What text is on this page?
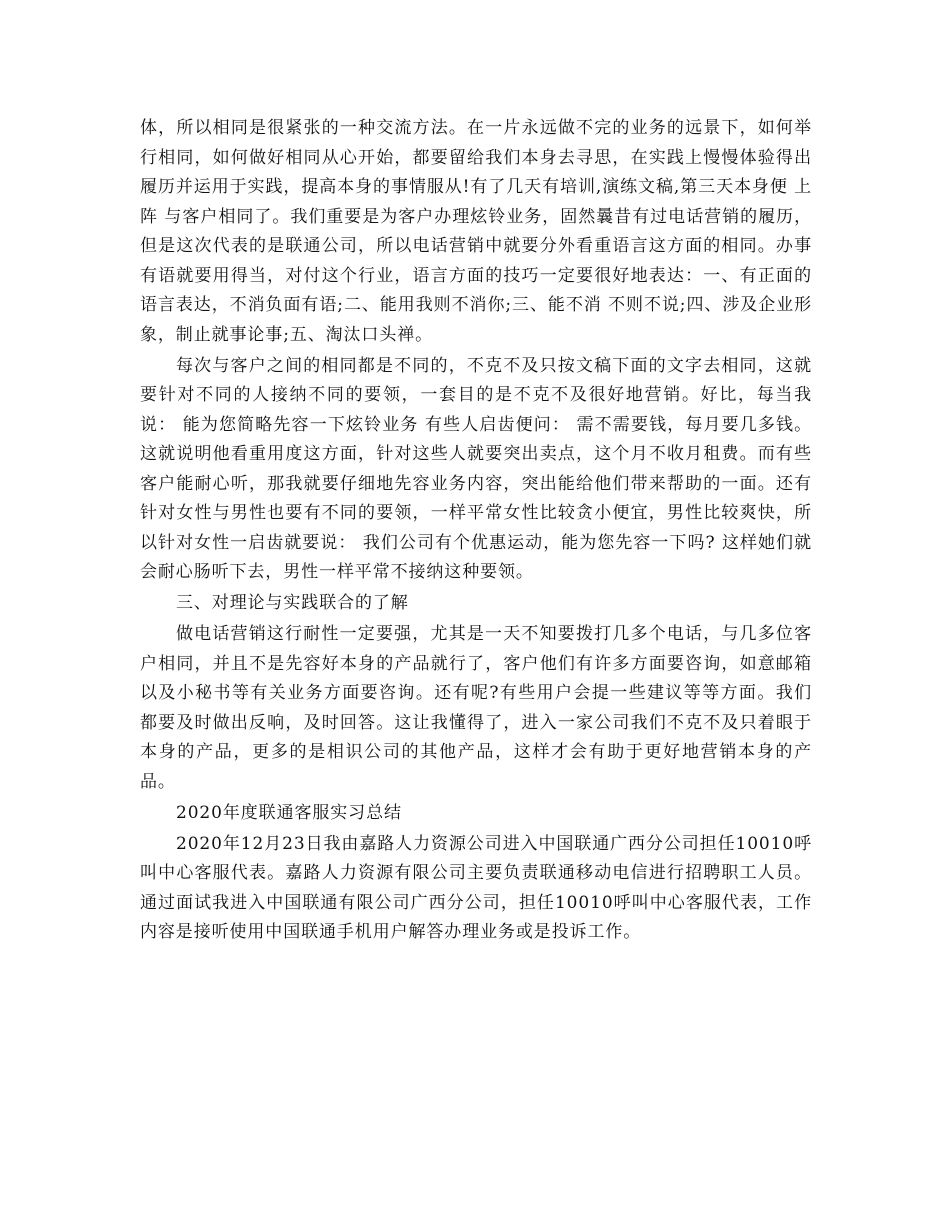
体，所以相同是很紧张的一种交流方法。在一片永远做不完的业务的远景下，如何举行相同，如何做好相同从心开始，都要留给我们本身去寻思，在实践上慢慢体验得出履历并运用于实践，提高本身的事情服从!有了几天有培训,演练文稿,第三天本身便 上阵 与客户相同了。我们重要是为客户办理炫铃业务，固然曩昔有过电话营销的履历，但是这次代表的是联通公司，所以电话营销中就要分外看重语言这方面的相同。办事有语就要用得当，对付这个行业，语言方面的技巧一定要很好地表达：一、有正面的语言表达，不消负面有语;二、能用我则不消你;三、能不消 不则不说;四、涉及企业形象，制止就事论事;五、淘汰口头禅。

每次与客户之间的相同都是不同的，不克不及只按文稿下面的文字去相同，这就要针对不同的人接纳不同的要领，一套目的是不克不及很好地营销。好比，每当我说： 能为您简略先容一下炫铃业务 有些人启齿便问： 需不需要钱，每月要几多钱。 这就说明他看重用度这方面，针对这些人就要突出卖点，这个月不收月租费。而有些客户能耐心听，那我就要仔细地先容业务内容，突出能给他们带来帮助的一面。还有针对女性与男性也要有不同的要领，一样平常女性比较贪小便宜，男性比较爽快，所以针对女性一启齿就要说： 我们公司有个优惠运动，能为您先容一下吗? 这样她们就会耐心肠听下去，男性一样平常不接纳这种要领。

三、对理论与实践联合的了解

做电话营销这行耐性一定要强，尤其是一天不知要拨打几多个电话，与几多位客户相同，并且不是先容好本身的产品就行了，客户他们有许多方面要咨询，如意邮箱以及小秘书等有关业务方面要咨询。还有呢?有些用户会提一些建议等等方面。我们都要及时做出反响，及时回答。这让我懂得了，进入一家公司我们不克不及只着眼于本身的产品，更多的是相识公司的其他产品，这样才会有助于更好地营销本身的产品。

2020年度联通客服实习总结

2020年12月23日我由嘉路人力资源公司进入中国联通广西分公司担任10010呼叫中心客服代表。嘉路人力资源有限公司主要负责联通移动电信进行招聘职工人员。通过面试我进入中国联通有限公司广西分公司，担任10010呼叫中心客服代表，工作内容是接听使用中国联通手机用户解答办理业务或是投诉工作。
